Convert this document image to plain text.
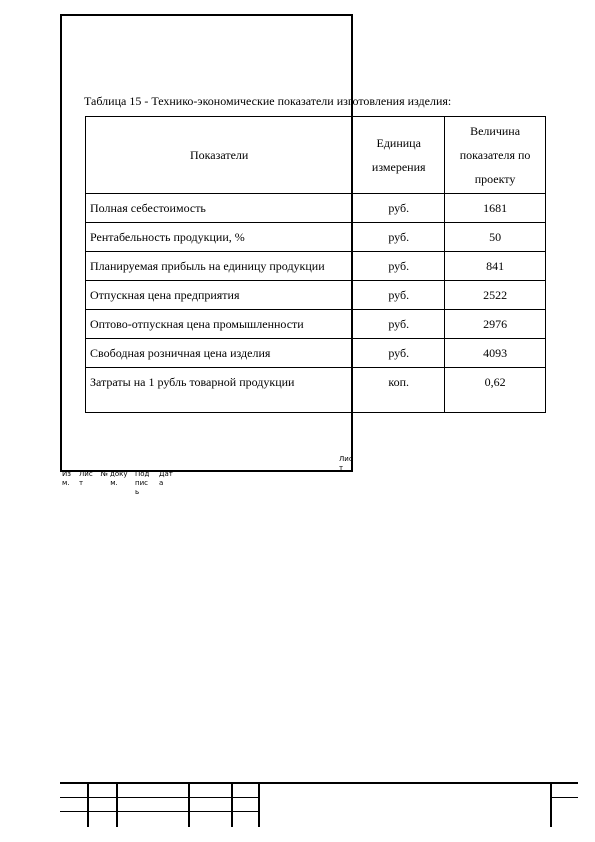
Таблица 15 - Технико-экономические показатели изготовления изделия:
Показатели	Единица измерения	Величина показателя по проекту
Полная себестоимость	руб.	1681
Рентабельность продукции, %	руб.	50
Планируемая прибыль на единицу продукции	руб.	841
Отпускная цена предприятия	руб.	2522
Оптово-отпускная цена промышленности	руб.	2976
Свободная розничная цена изделия	руб.	4093
Затраты на 1 рубль товарной продукции	коп.	0,62
Лист
Изм.
Лист
№ докум.
Подпись
Дата
